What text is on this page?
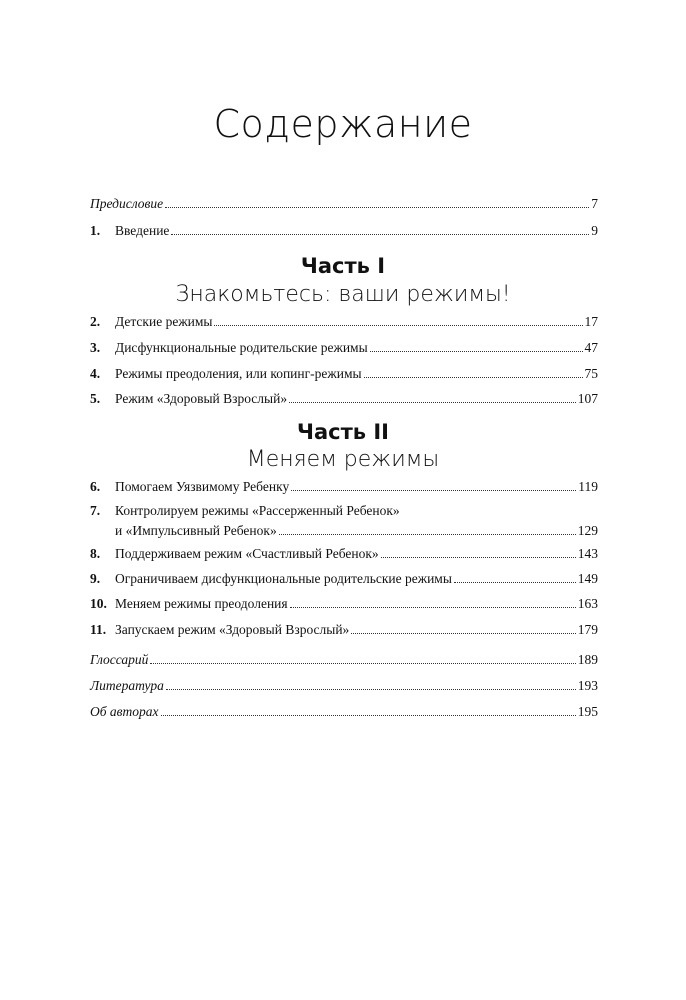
Содержание
Предисловие	7
1.	Введение	9
Часть I
Знакомьтесь: ваши режимы!
2.	Детские режимы	17
3.	Дисфункциональные родительские режимы	47
4.	Режимы преодоления, или копинг-режимы	75
5.	Режим «Здоровый Взрослый»	107
Часть II
Меняем режимы
6.	Помогаем Уязвимому Ребенку	119
7.	Контролируем режимы «Рассерженный Ребенок»
и «Импульсивный Ребенок»	129
8.	Поддерживаем режим «Счастливый Ребенок»	143
9.	Ограничиваем дисфункциональные родительские режимы	149
10. Меняем режимы преодоления	163
11. Запускаем режим «Здоровый Взрослый»	179
Глоссарий	189
Литература	193
Об авторах	195
